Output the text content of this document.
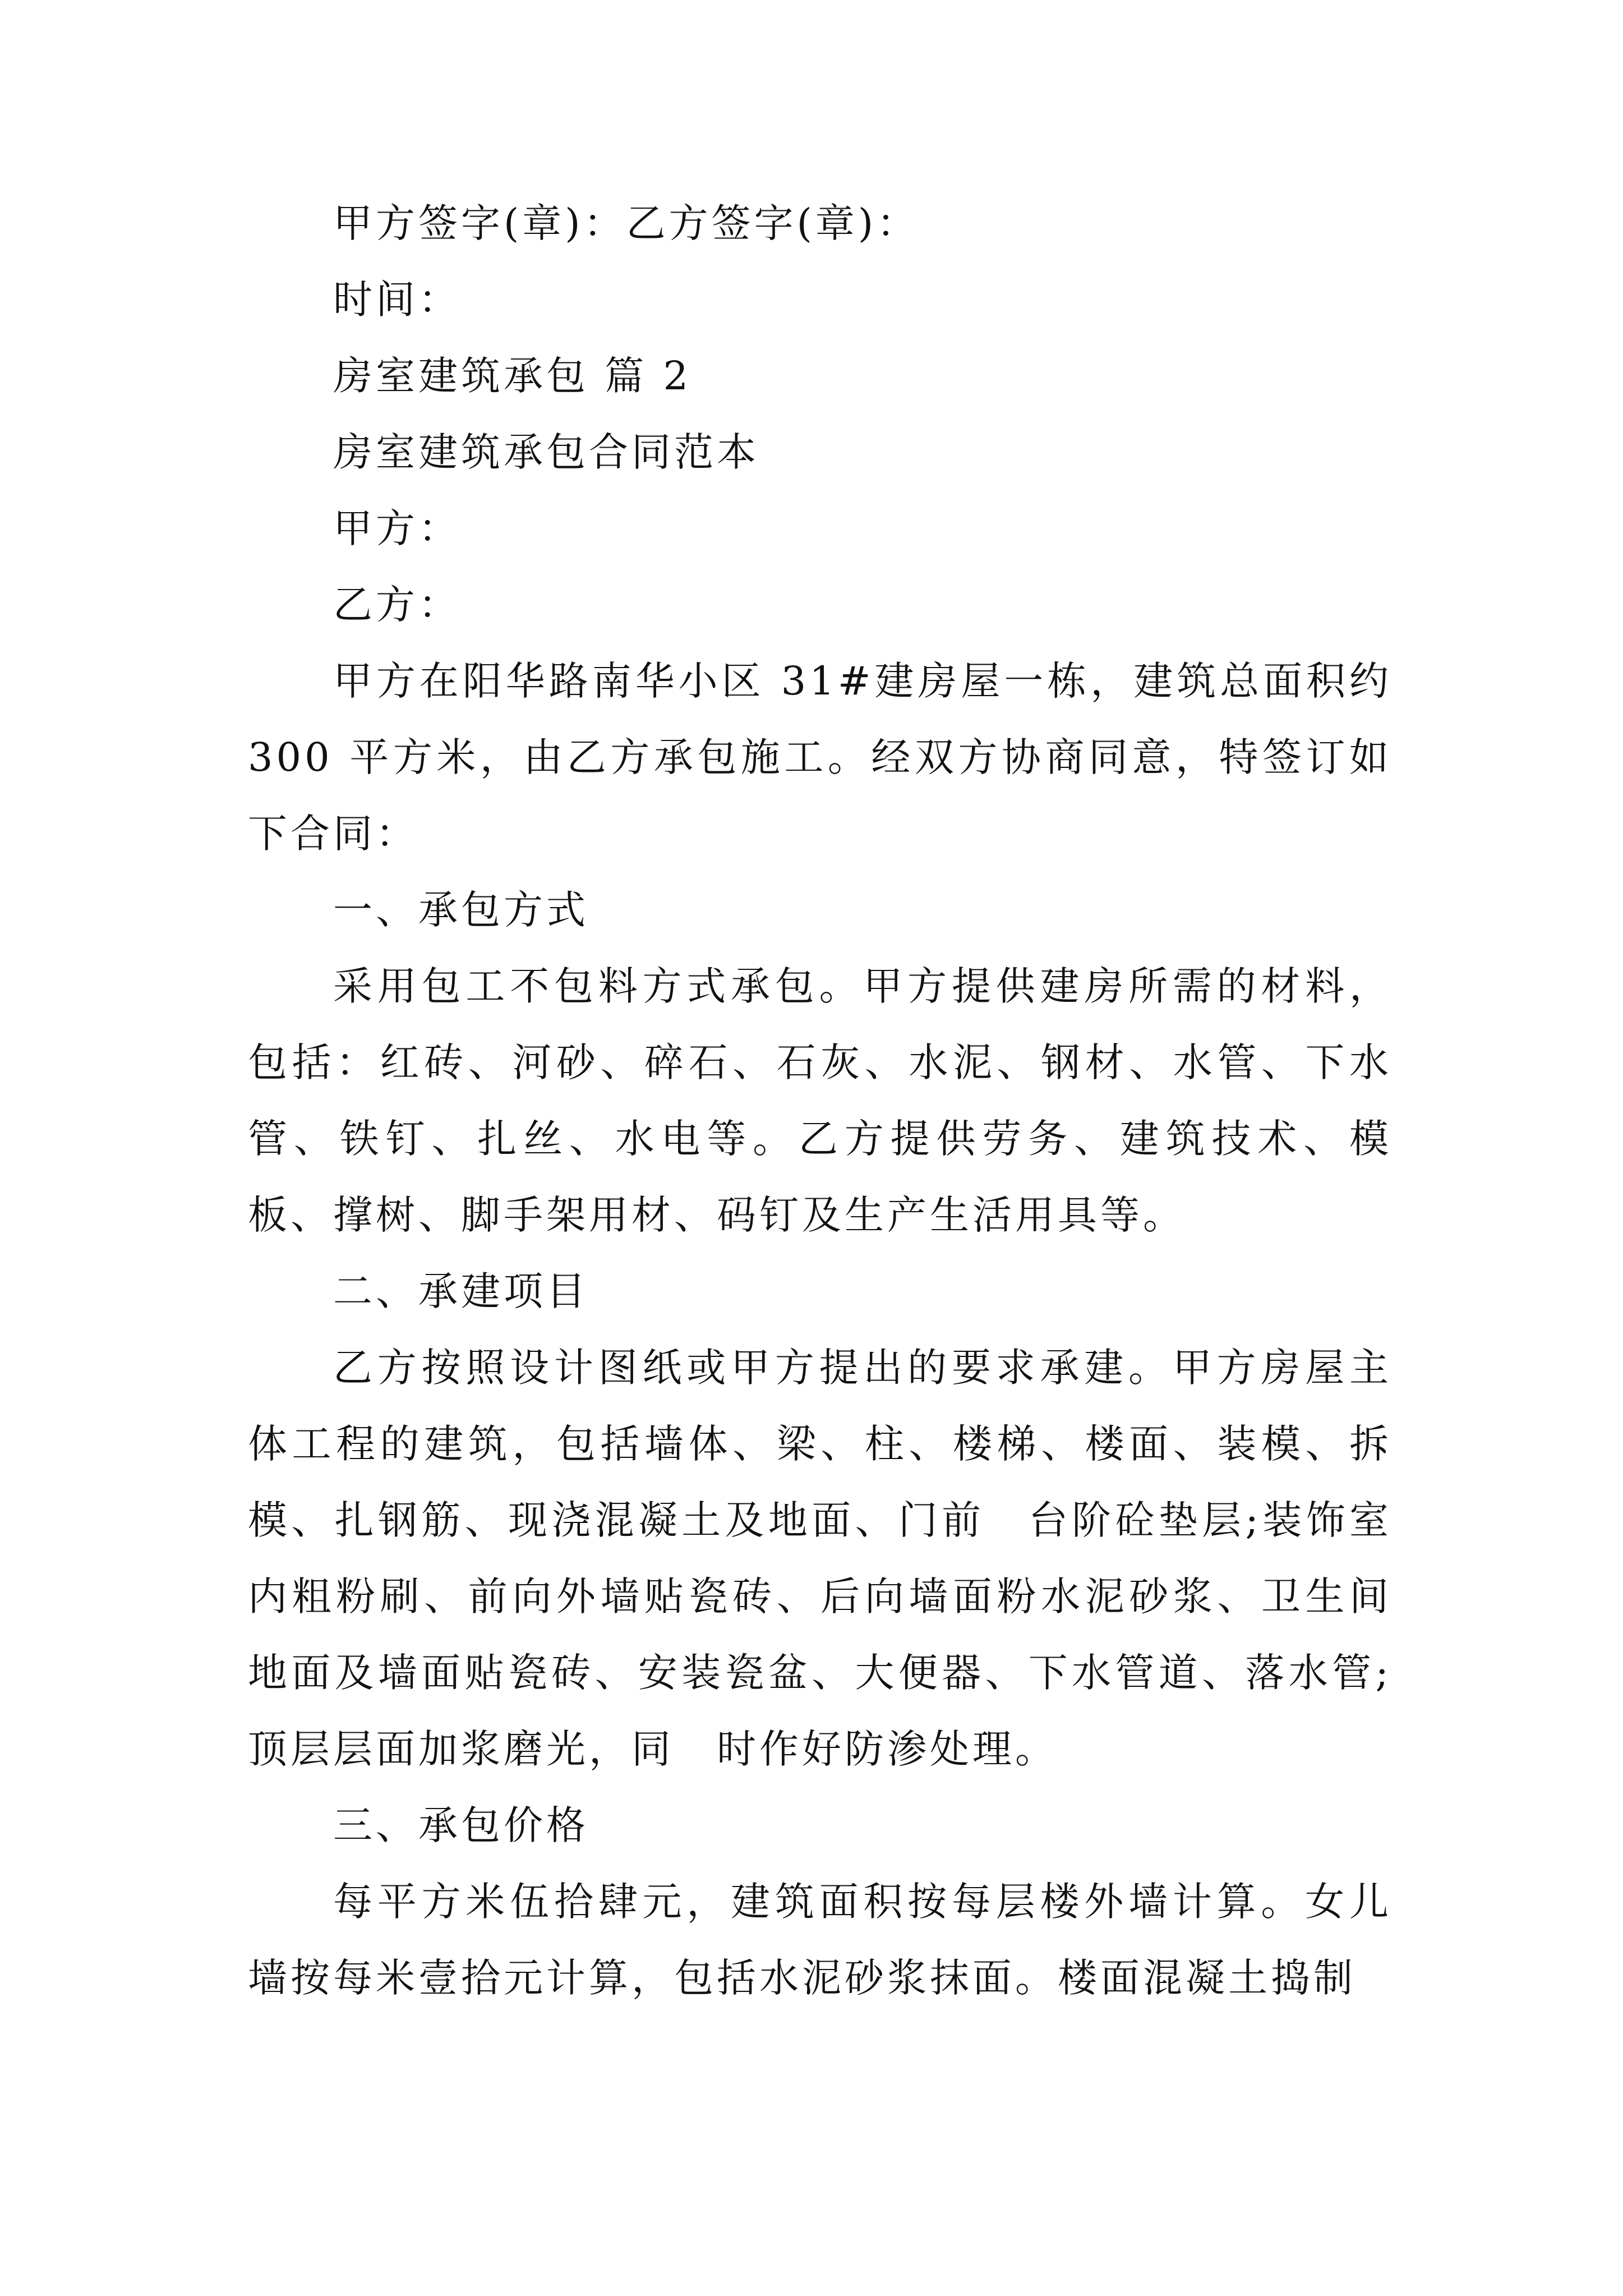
甲方签字(章)：乙方签字(章)：
时间：
房室建筑承包 篇 2
房室建筑承包合同范本
甲方：
乙方：

甲方在阳华路南华小区 31#建房屋一栋，建筑总面积约 300 平方米，由乙方承包施工。经双方协商同意，特签订如下合同：

一、承包方式

采用包工不包料方式承包。甲方提供建房所需的材料，包括：红砖、河砂、碎石、石灰、水泥、钢材、水管、下水管、铁钉、扎丝、水电等。乙方提供劳务、建筑技术、模板、撑树、脚手架用材、码钉及生产生活用具等。

二、承建项目

乙方按照设计图纸或甲方提出的要求承建。甲方房屋主体工程的建筑，包括墙体、梁、柱、楼梯、楼面、装模、拆模、扎钢筋、现浇混凝土及地面、门前　台阶砼垫层;装饰室内粗粉刷、前向外墙贴瓷砖、后向墙面粉水泥砂浆、卫生间地面及墙面贴瓷砖、安装瓷盆、大便器、下水管道、落水管;顶层层面加浆磨光，同　时作好防渗处理。

三、承包价格

每平方米伍拾肆元，建筑面积按每层楼外墙计算。女儿墙按每米壹拾元计算，包括水泥砂浆抹面。楼面混凝土捣制
